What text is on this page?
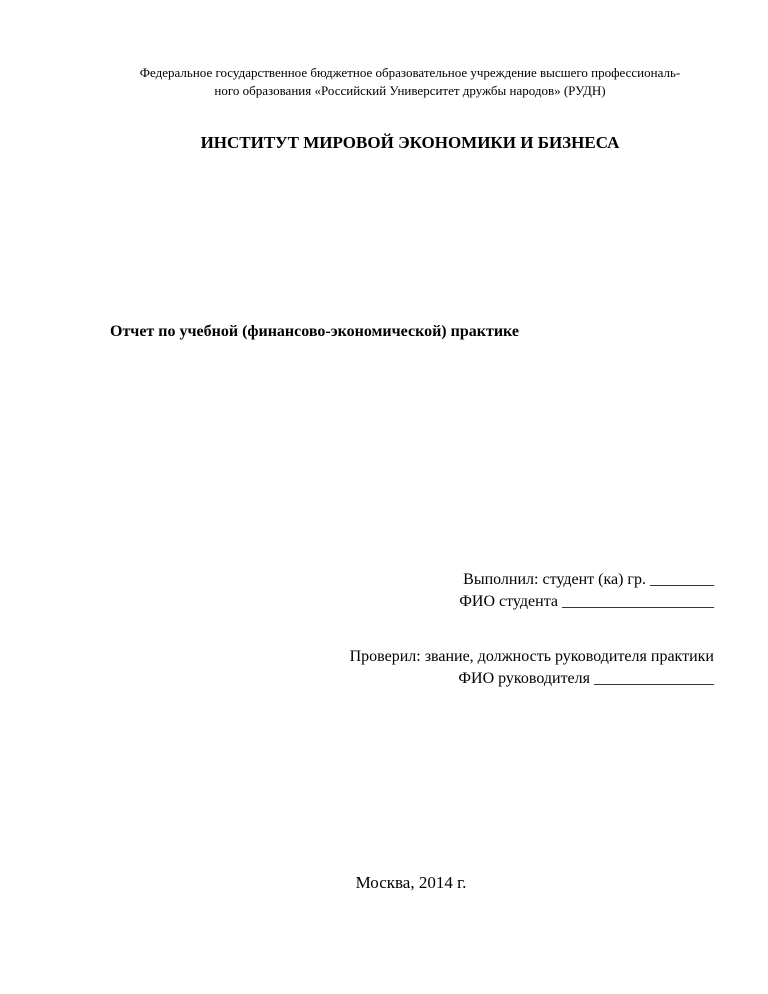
Федеральное государственное бюджетное образовательное учреждение высшего профессиональ-
ного образования «Российский Университет дружбы народов» (РУДН)
ИНСТИТУТ МИРОВОЙ ЭКОНОМИКИ И БИЗНЕСА
Отчет по учебной (финансово-экономической) практике
Выполнил: студент (ка) гр. ________
ФИО студента ___________________
Проверил: звание, должность руководителя практики
ФИО руководителя _______________
Москва, 2014 г.
